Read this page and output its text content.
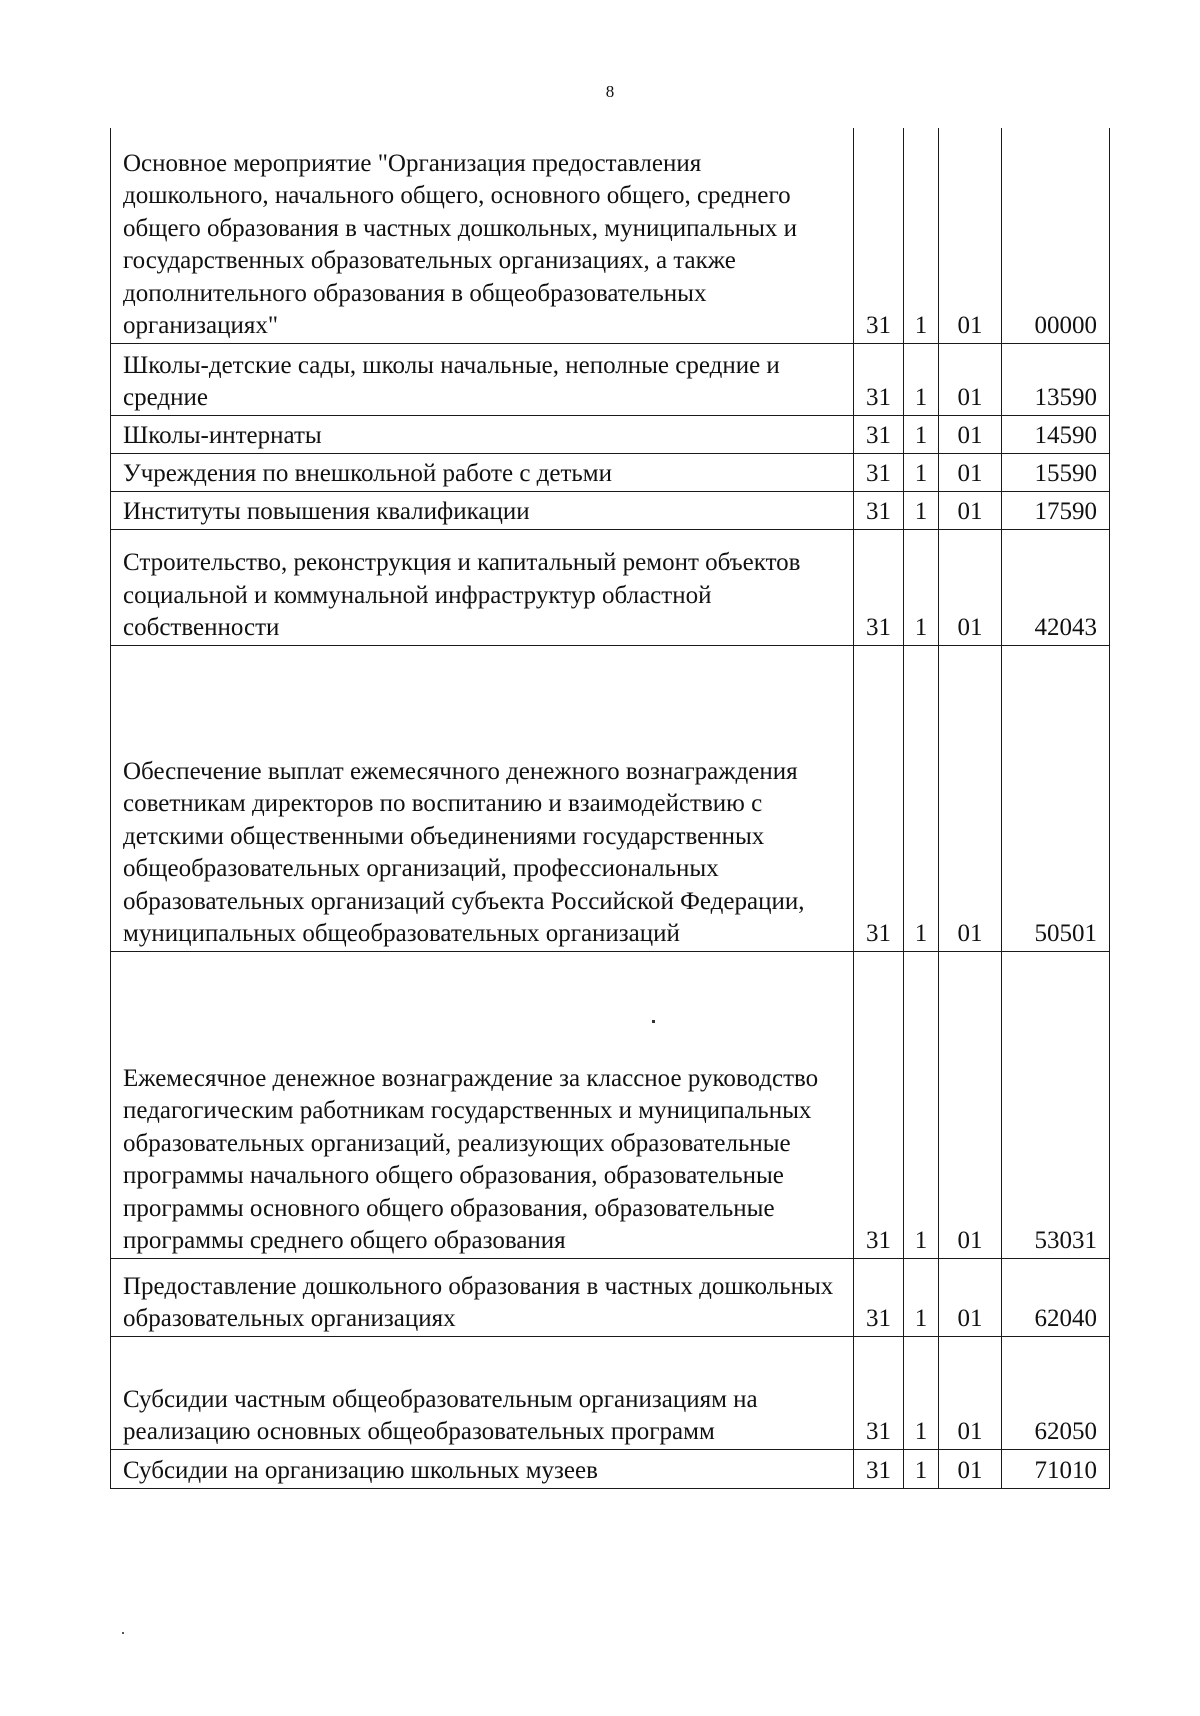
8
Основное мероприятие "Организация предоставления дошкольного, начального общего, основного общего, среднего общего образования в частных дошкольных, муниципальных и государственных образовательных организациях, а также дополнительного образования в общеобразовательных организациях"	31	1	01	00000
Школы-детские сады, школы начальные, неполные средние и средние	31	1	01	13590
Школы-интернаты	31	1	01	14590
Учреждения по внешкольной работе с детьми	31	1	01	15590
Институты повышения квалификации	31	1	01	17590
Строительство, реконструкция и капитальный ремонт объектов социальной и коммунальной инфраструктур областной собственности	31	1	01	42043
Обеспечение выплат ежемесячного денежного вознаграждения советникам директоров по воспитанию и взаимодействию с детскими общественными объединениями государственных общеобразовательных организаций, профессиональных образовательных организаций субъекта Российской Федерации, муниципальных общеобразовательных организаций	31	1	01	50501
Ежемесячное денежное вознаграждение за классное руководство педагогическим работникам государственных и муниципальных образовательных организаций, реализующих образовательные программы начального общего образования, образовательные программы основного общего образования, образовательные программы среднего общего образования	31	1	01	53031
Предоставление дошкольного образования в частных дошкольных образовательных организациях	31	1	01	62040
Субсидии частным общеобразовательным организациям на реализацию основных общеобразовательных программ	31	1	01	62050
Субсидии на организацию школьных музеев	31	1	01	71010
